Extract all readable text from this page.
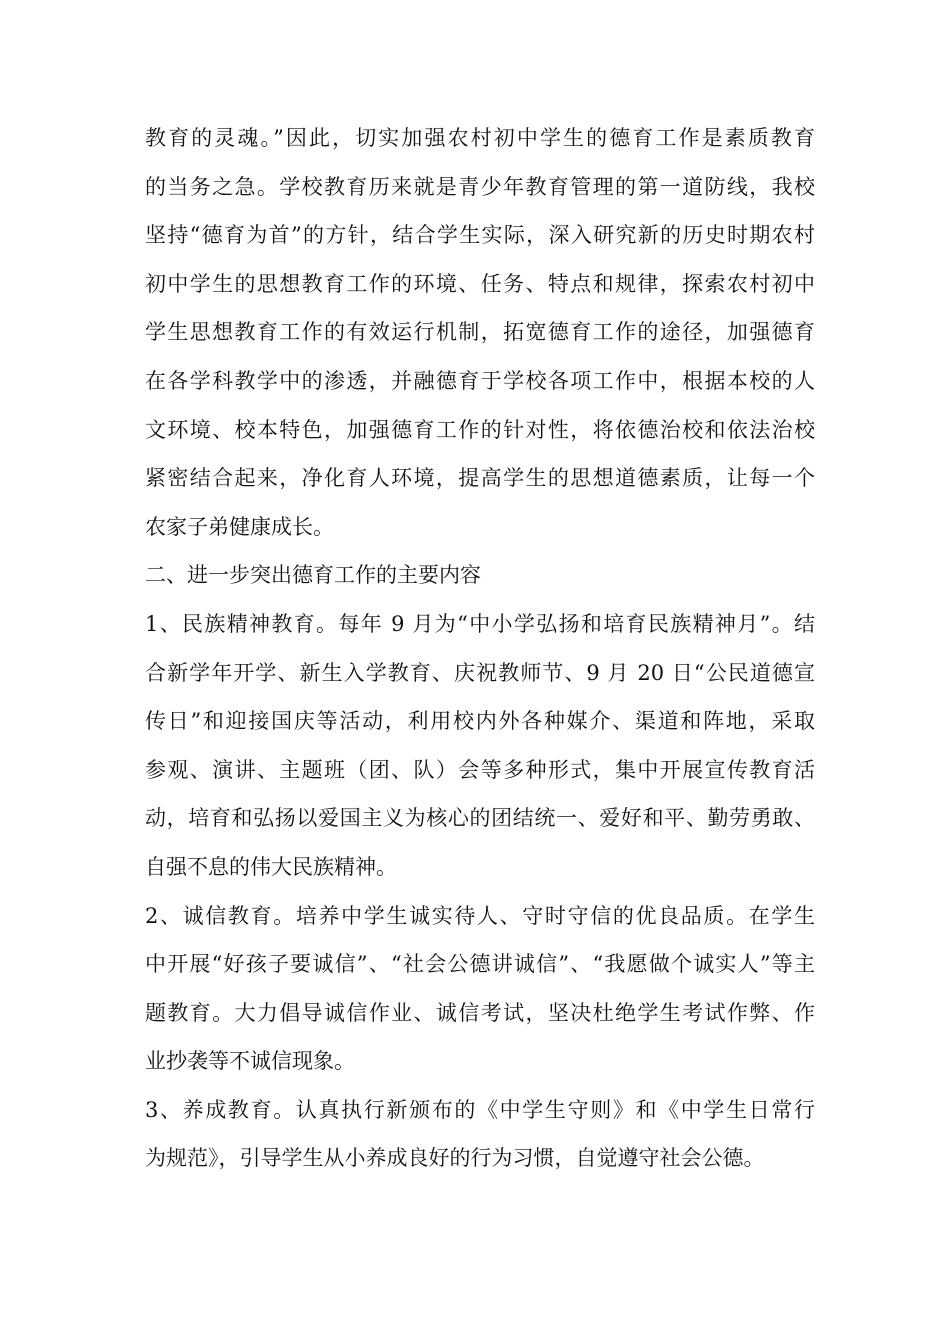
教育的灵魂。”因此，切实加强农村初中学生的德育工作是素质教育
的当务之急。学校教育历来就是青少年教育管理的第一道防线，我校
坚持“德育为首”的方针，结合学生实际，深入研究新的历史时期农村
初中学生的思想教育工作的环境、任务、特点和规律，探索农村初中
学生思想教育工作的有效运行机制，拓宽德育工作的途径，加强德育
在各学科教学中的渗透，并融德育于学校各项工作中，根据本校的人
文环境、校本特色，加强德育工作的针对性，将依德治校和依法治校
紧密结合起来，净化育人环境，提高学生的思想道德素质，让每一个
农家子弟健康成长。
二、进一步突出德育工作的主要内容
1、民族精神教育。每年 9 月为“中小学弘扬和培育民族精神月”。结
合新学年开学、新生入学教育、庆祝教师节、9 月 20 日“公民道德宣
传日”和迎接国庆等活动，利用校内外各种媒介、渠道和阵地，采取
参观、演讲、主题班（团、队）会等多种形式，集中开展宣传教育活
动，培育和弘扬以爱国主义为核心的团结统一、爱好和平、勤劳勇敢、
自强不息的伟大民族精神。
2、诚信教育。培养中学生诚实待人、守时守信的优良品质。在学生
中开展“好孩子要诚信”、“社会公德讲诚信”、“我愿做个诚实人”等主
题教育。大力倡导诚信作业、诚信考试，坚决杜绝学生考试作弊、作
业抄袭等不诚信现象。
3、养成教育。认真执行新颁布的《中学生守则》和《中学生日常行
为规范》，引导学生从小养成良好的行为习惯，自觉遵守社会公德。
